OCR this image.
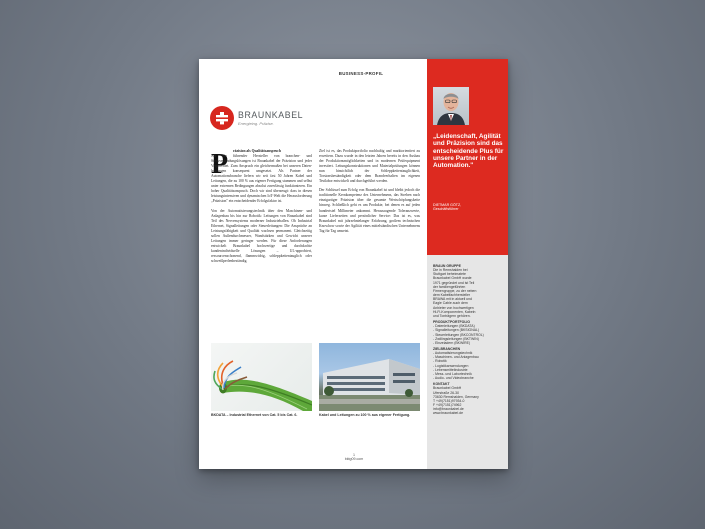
BUSINESS-PROFIL
BRAUNKABEL
Energieing. Präzise.
P	räzision als Qualitätsanspruch
Als ein führender Hersteller von branchen- und Steckverbindungslösungen ist Braunkabel der Präzision und jeder Verpflichtet. Zum Anspruch ein gleichermaßen bei unseren Daten- leistungen konsequent umgesetzt. Als Partner der Automationsbranche liefern wir seit fast 50 Jahren Kabel und Leitungen, die zu 100 % aus eigener Fertigung stammen und selbst unter extremen Bedingungen absolut zuverlässig funktionieren. Ein hoher Qualitätsanspruch. Doch wir sind überzeugt: dass in diesen leistungsintensiven und dynamischen IoT-Welt die Herausforderung „Präzision" ein entscheidender Erfolgsfaktor ist.

Von der Automatisierungstechnik über den Maschinen- und Anlagenbau bis hin zur Robotik: Leitungen von Braunkabel sind Teil des Nervensystems moderner Industriehallen. Ob Industrial Ethernet, Signalleitungen oder Steuerleitungen: Die Ansprüche an Leistungsfähigkeit und Qualität wachsen permanent. Gleichzeitig sollen Außendurchmesser, Wandstärken und Gewicht unserer Leitungen immer geringer werden. Für diese Anforderungen entwickelt Braunkabel hochwertige und durchdachte kundenindividuelle Lösungen – UL-approbiert, ressourcenschonend, flammwidrig, schleppkettentauglich oder schweißperlenbeständig.

Ziel ist es, das Produktportfolio nachhaltig und marktorientiert zu erweitern. Dazu wurde in den letzten Jahren bereits in den Ausbau der Produktionsmöglichkeiten und in modernen Prüfequipment investiert. Leitungskonstruktionen und Materialprüfungen können nun hinsichtlich der Schleppkettentauglichkeit, Torsionsbeständigkeit oder dem Brandverhalten im eigenen Testlabor entwickelt und durchgeführt werden.

Der Schlüssel zum Erfolg von Braunkabel ist und bleibt jedoch die traditionelle Kernkompetenz des Unternehmens, das Streben nach einzigartiger Präzision über die gesamte Wertschöpfungskette hinweg. Schließlich geht es um Produkte, bei denen es auf jeden hundertstel Millimeter ankommt. Herausragende Toleranzwerte, kurze Lieferzeiten und persönlicher Service: Das ist es, was Braunkabel mit jahrzehntelanger Erfahrung, großem technischen Knowhow sowie der Agilität eines mittelständischen Unternehmens Tag für Tag umsetzt.

BKDATA – Industrial Ethernet von Cat. 5 bis Cat. 6.	Kabel und Leitungen zu 100 % aus eigener Fertigung.
1
bktg09.com
„Leidenschaft, Agilität und Präzision sind das entscheidende Plus für unsere Partner in der Automation."
DIETMAR GÖTZ,
Geschäftsführer
BRAUN GRUPPE
Die in Remshalden bei
Stuttgart beheimatete
Braunkabel GmbH wurde
1971 gegründet und ist Teil
der familiengeführten
Firmengruppe, zu der neben
dem Kabelfachhersteller
BRAWA mit in aktuell und
Eagle Cable auch dem
Anbieter von hochwertigen
Hi-Fi-Komponenten, Kabeln
und Tonträgern gehören.
PRODUKTPORTFOLIO
- Datenleitungen (BKDATA)
- Signalleitungen (BKSIGNAL)
- Steuerleitungen (BKCONTROL)
- Zwillingsleitungen (BKTWIN)
- Einzeladern (BKWIRE)
ZIELBRANCHEN
- Automatisierungstechnik
- Maschinen- und Anlagenbau
- Robotik
- Logistikanwendungen
- Lebensmittelindustrie
- Mess- und Labortechnik
- Audio- und Videobranche
KONTAKT
Braunkabel GmbH
Uferstraße 26-30
73630 Remshalden, Germany
T +49(7151)97934-0
F +49(7151)74962
info@braunkabel.de
www.braunkabel.de
